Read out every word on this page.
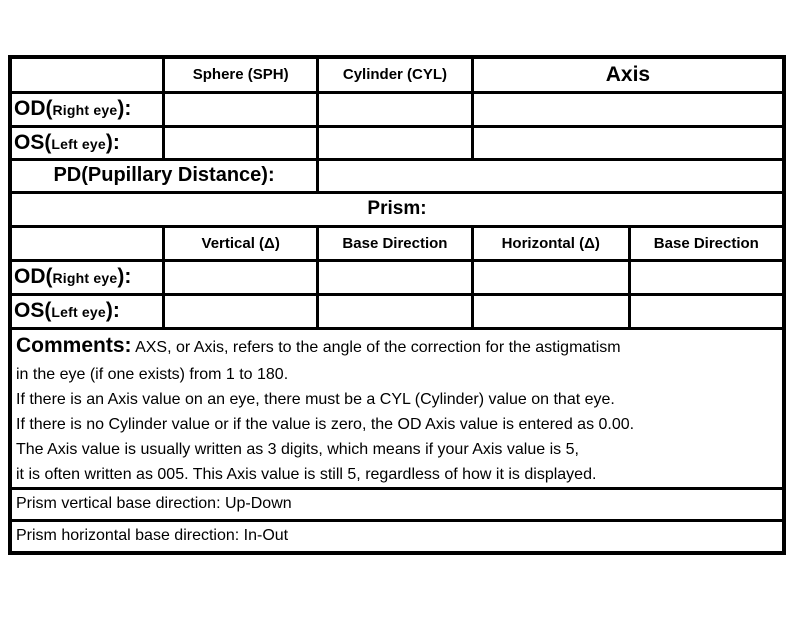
	Sphere (SPH)	Cylinder (CYL)	Axis	
OD(Right eye):				
OS(Left eye):				
PD(Pupillary Distance):				
Prism:				
	Vertical (Δ)	Base Direction	Horizontal (Δ)	Base Direction
OD(Right eye):				
OS(Left eye):				

Comments: AXS, or Axis, refers to the angle of the correction for the astigmatism
in the eye (if one exists) from 1 to 180.
If there is an Axis value on an eye, there must be a CYL (Cylinder) value on that eye.
If there is no Cylinder value or if the value is zero, the OD Axis value is entered as 0.00.
The Axis value is usually written as 3 digits, which means if your Axis value is 5,
it is often written as 005. This Axis value is still 5, regardless of how it is displayed.

Prism vertical base direction: Up-Down				
Prism horizontal base direction: In-Out				
